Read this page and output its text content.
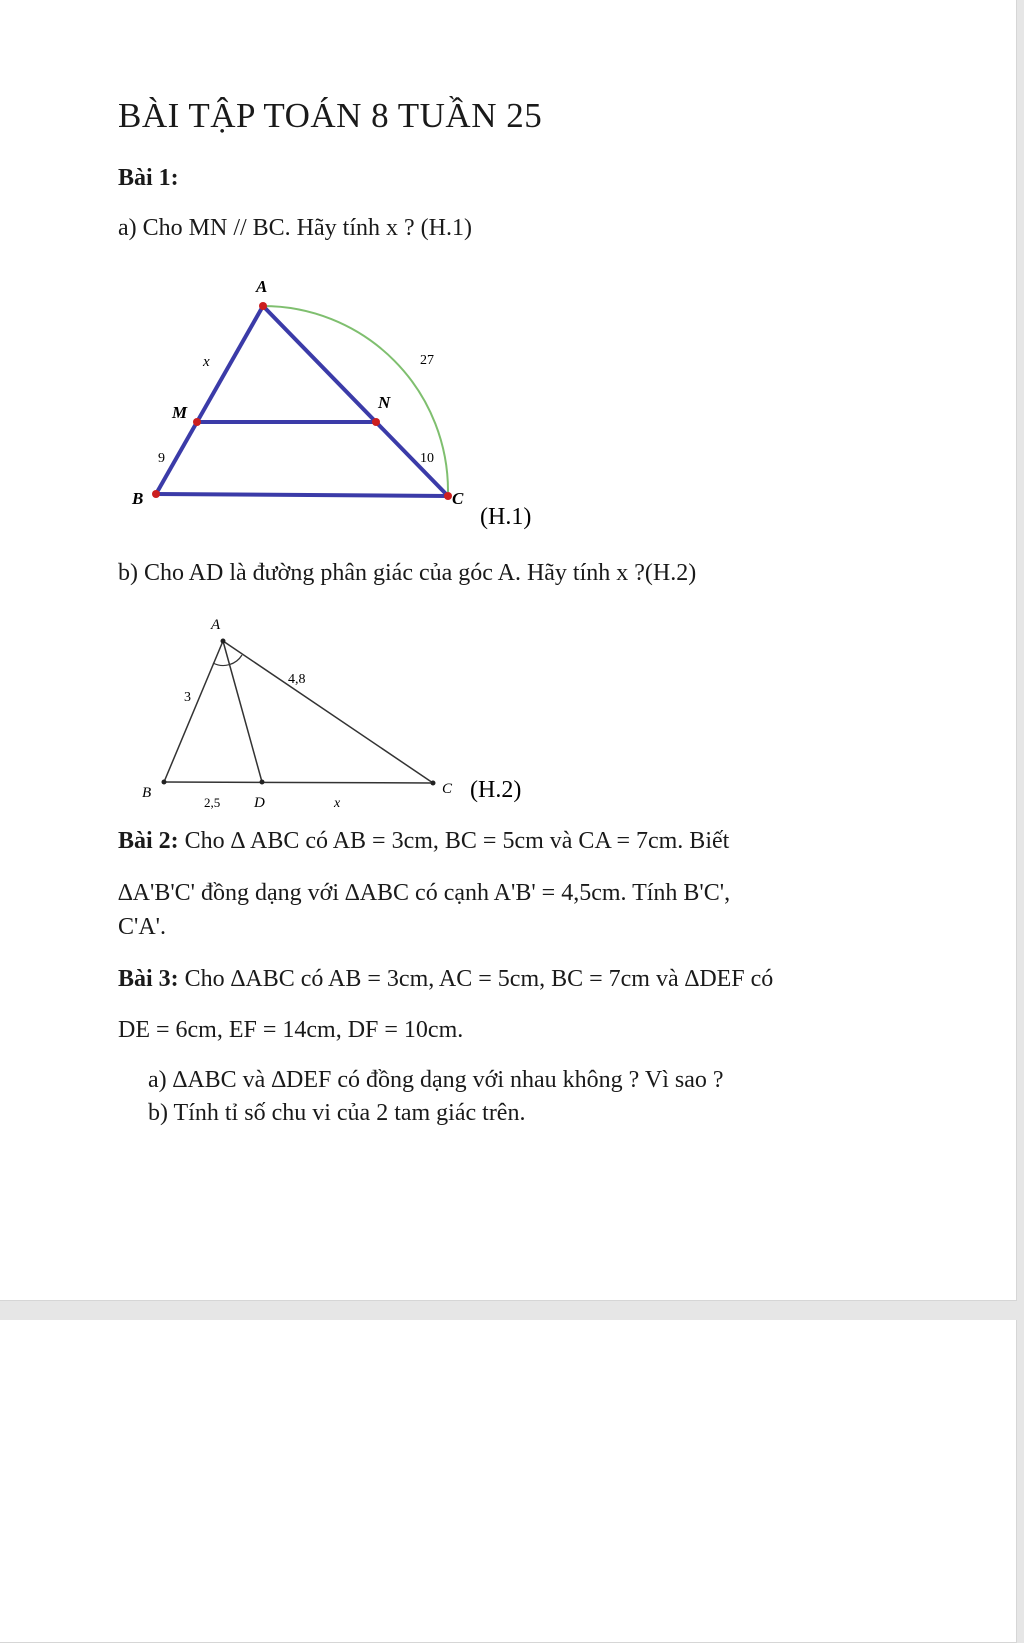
BÀI TẬP TOÁN 8 TUẦN 25
Bài 1:
a) Cho MN // BC. Hãy tính x ? (H.1)
A
M
N
B	C
x
9
27
10
(H.1)
b) Cho AD là đường phân giác của góc A. Hãy tính x ?(H.2)
A
B
D
C
3
4,8
2,5	x
(H.2)
Bài 2: Cho ∆ ABC có AB = 3cm, BC = 5cm và CA = 7cm. Biết
∆A'B'C' đồng dạng với ∆ABC có cạnh A'B' = 4,5cm. Tính B'C',
C'A'.
Bài 3: Cho ∆ABC có AB = 3cm, AC = 5cm, BC = 7cm và ∆DEF có
DE = 6cm, EF = 14cm, DF = 10cm.
a) ∆ABC và ∆DEF có đồng dạng với nhau không ? Vì sao ?
b) Tính tỉ số chu vi của 2 tam giác trên.
